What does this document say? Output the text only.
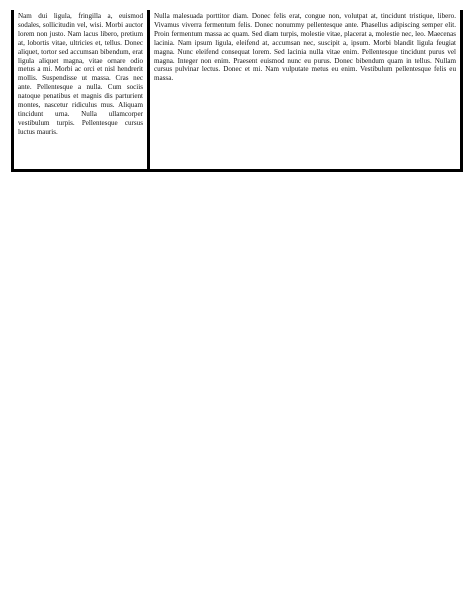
Nam dui ligula, fringilla a, euismod sodales, sollicitudin vel, wisi. Morbi auctor lorem non justo. Nam lacus libero, pretium at, lobortis vitae, ultricies et, tellus. Donec aliquet, tortor sed accumsan bibendum, erat ligula aliquet magna, vitae ornare odio metus a mi. Morbi ac orci et nisl hendrerit mollis. Suspendisse ut massa. Cras nec ante. Pellentesque a nulla. Cum sociis natoque penatibus et magnis dis parturient montes, nascetur ridiculus mus. Aliquam tincidunt urna. Nulla ullamcorper vestibulum turpis. Pellentesque cursus luctus mauris.
Nulla malesuada porttitor diam. Donec felis erat, congue non, volutpat at, tincidunt tristique, libero. Vivamus viverra fermentum felis. Donec nonummy pellentesque ante. Phasellus adipiscing semper elit. Proin fermentum massa ac quam. Sed diam turpis, molestie vitae, placerat a, molestie nec, leo. Maecenas lacinia. Nam ipsum ligula, eleifend at, accumsan nec, suscipit a, ipsum. Morbi blandit ligula feugiat magna. Nunc eleifend consequat lorem. Sed lacinia nulla vitae enim. Pellentesque tincidunt purus vel magna. Integer non enim. Praesent euismod nunc eu purus. Donec bibendum quam in tellus. Nullam cursus pulvinar lectus. Donec et mi. Nam vulputate metus eu enim. Vestibulum pellentesque felis eu massa.
